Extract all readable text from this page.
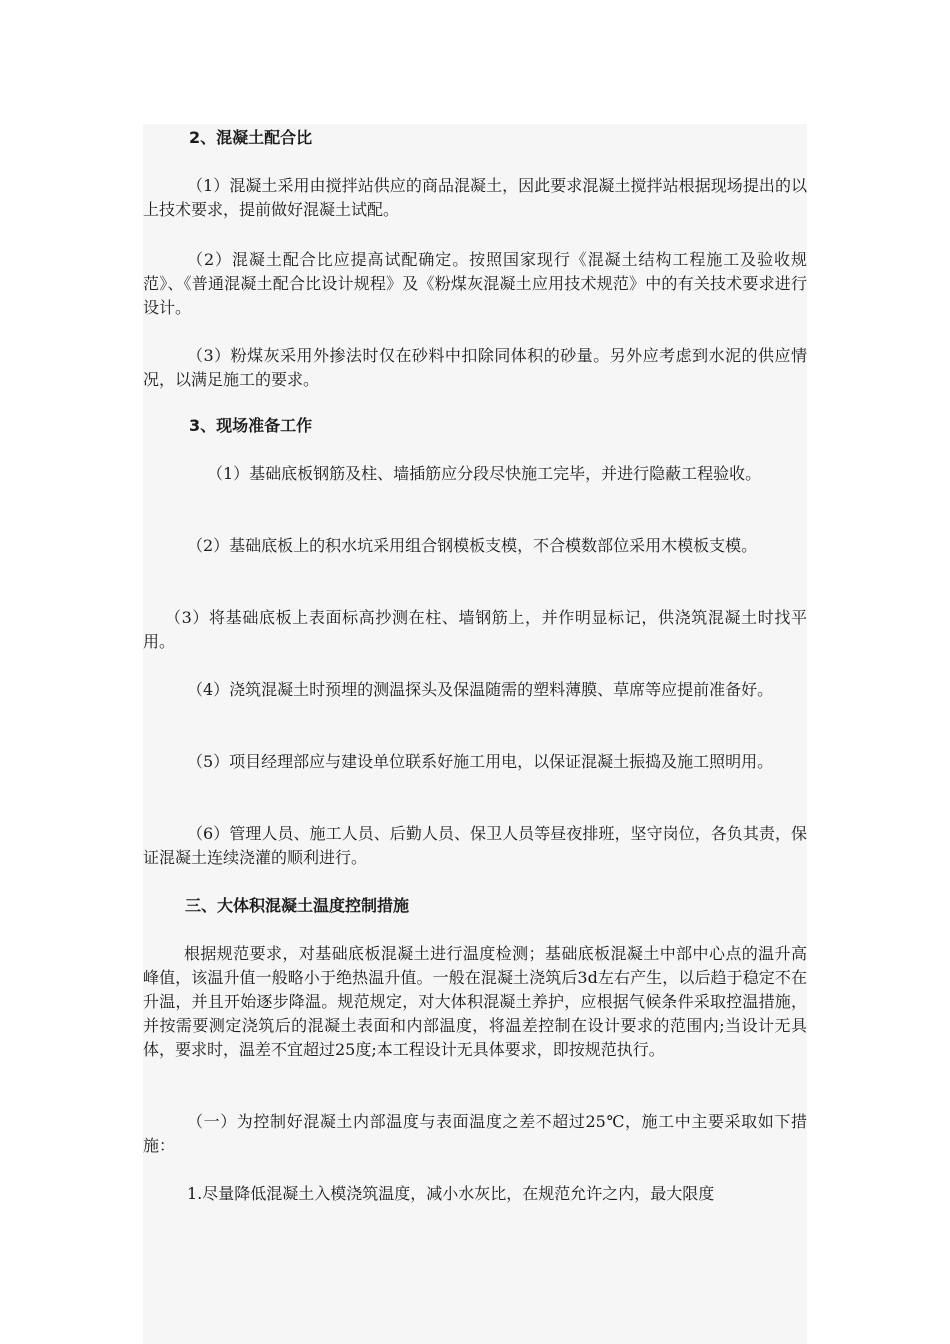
2、混凝土配合比

（1）混凝土采用由搅拌站供应的商品混凝土，因此要求混凝土搅拌站根据现场提出的以上技术要求，提前做好混凝土试配。

（2）混凝土配合比应提高试配确定。按照国家现行《混凝土结构工程施工及验收规范》、《普通混凝土配合比设计规程》及《粉煤灰混凝土应用技术规范》中的有关技术要求进行设计。

（3）粉煤灰采用外掺法时仅在砂料中扣除同体积的砂量。另外应考虑到水泥的供应情况，以满足施工的要求。

3、现场准备工作

（1）基础底板钢筋及柱、墙插筋应分段尽快施工完毕，并进行隐蔽工程验收。

（2）基础底板上的积水坑采用组合钢模板支模，不合模数部位采用木模板支模。

（3）将基础底板上表面标高抄测在柱、墙钢筋上，并作明显标记，供浇筑混凝土时找平用。

（4）浇筑混凝土时预埋的测温探头及保温随需的塑料薄膜、草席等应提前准备好。

（5）项目经理部应与建设单位联系好施工用电，以保证混凝土振捣及施工照明用。

（6）管理人员、施工人员、后勤人员、保卫人员等昼夜排班，坚守岗位，各负其责，保证混凝土连续浇灌的顺利进行。

三、大体积混凝土温度控制措施

根据规范要求，对基础底板混凝土进行温度检测；基础底板混凝土中部中心点的温升高峰值，该温升值一般略小于绝热温升值。一般在混凝土浇筑后3d左右产生，以后趋于稳定不在升温，并且开始逐步降温。规范规定，对大体积混凝土养护，应根据气候条件采取控温措施，并按需要测定浇筑后的混凝土表面和内部温度，将温差控制在设计要求的范围内;当设计无具体，要求时，温差不宜超过25度;本工程设计无具体要求，即按规范执行。

（一）为控制好混凝土内部温度与表面温度之差不超过25℃，施工中主要采取如下措施：

1.尽量降低混凝土入模浇筑温度，减小水灰比，在规范允许之内，最大限度
